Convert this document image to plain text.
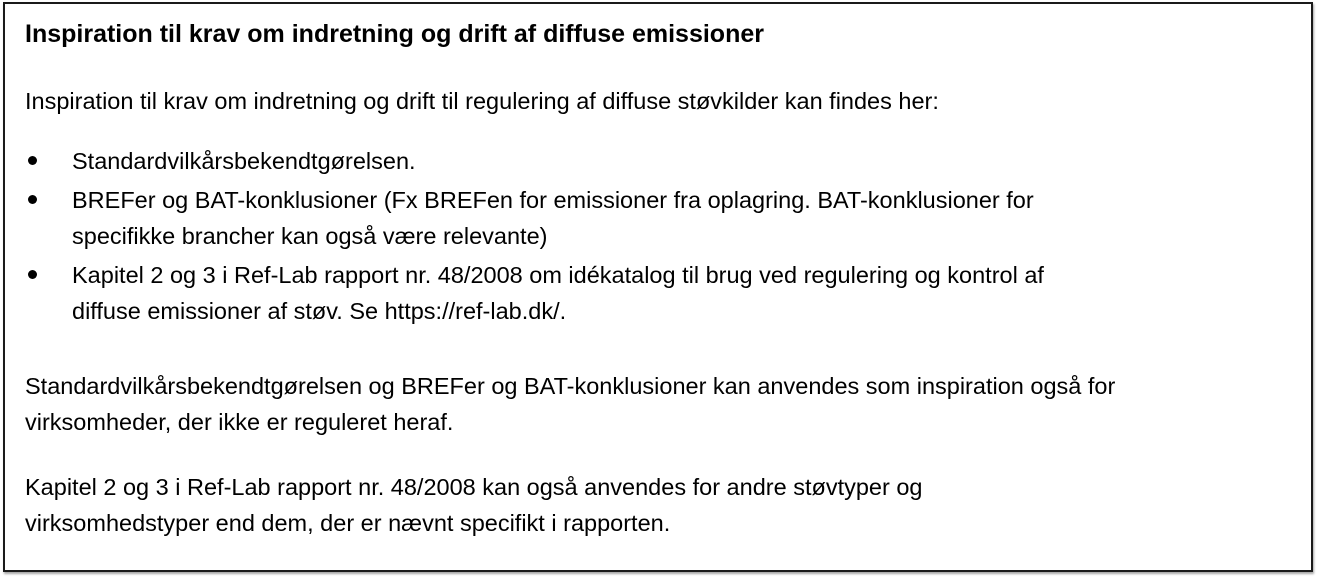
Inspiration til krav om indretning og drift af diffuse emissioner
Inspiration til krav om indretning og drift til regulering af diffuse støvkilder kan findes her:
Standardvilkårsbekendtgørelsen.
BREFer og BAT-konklusioner (Fx BREFen for emissioner fra oplagring. BAT-konklusioner for
specifikke brancher kan også være relevante)
Kapitel 2 og 3 i Ref-Lab rapport nr. 48/2008 om idékatalog til brug ved regulering og kontrol af
diffuse emissioner af støv. Se https://ref-lab.dk/.
Standardvilkårsbekendtgørelsen og BREFer og BAT-konklusioner kan anvendes som inspiration også for
virksomheder, der ikke er reguleret heraf.
Kapitel 2 og 3 i Ref-Lab rapport nr. 48/2008 kan også anvendes for andre støvtyper og
virksomhedstyper end dem, der er nævnt specifikt i rapporten.
